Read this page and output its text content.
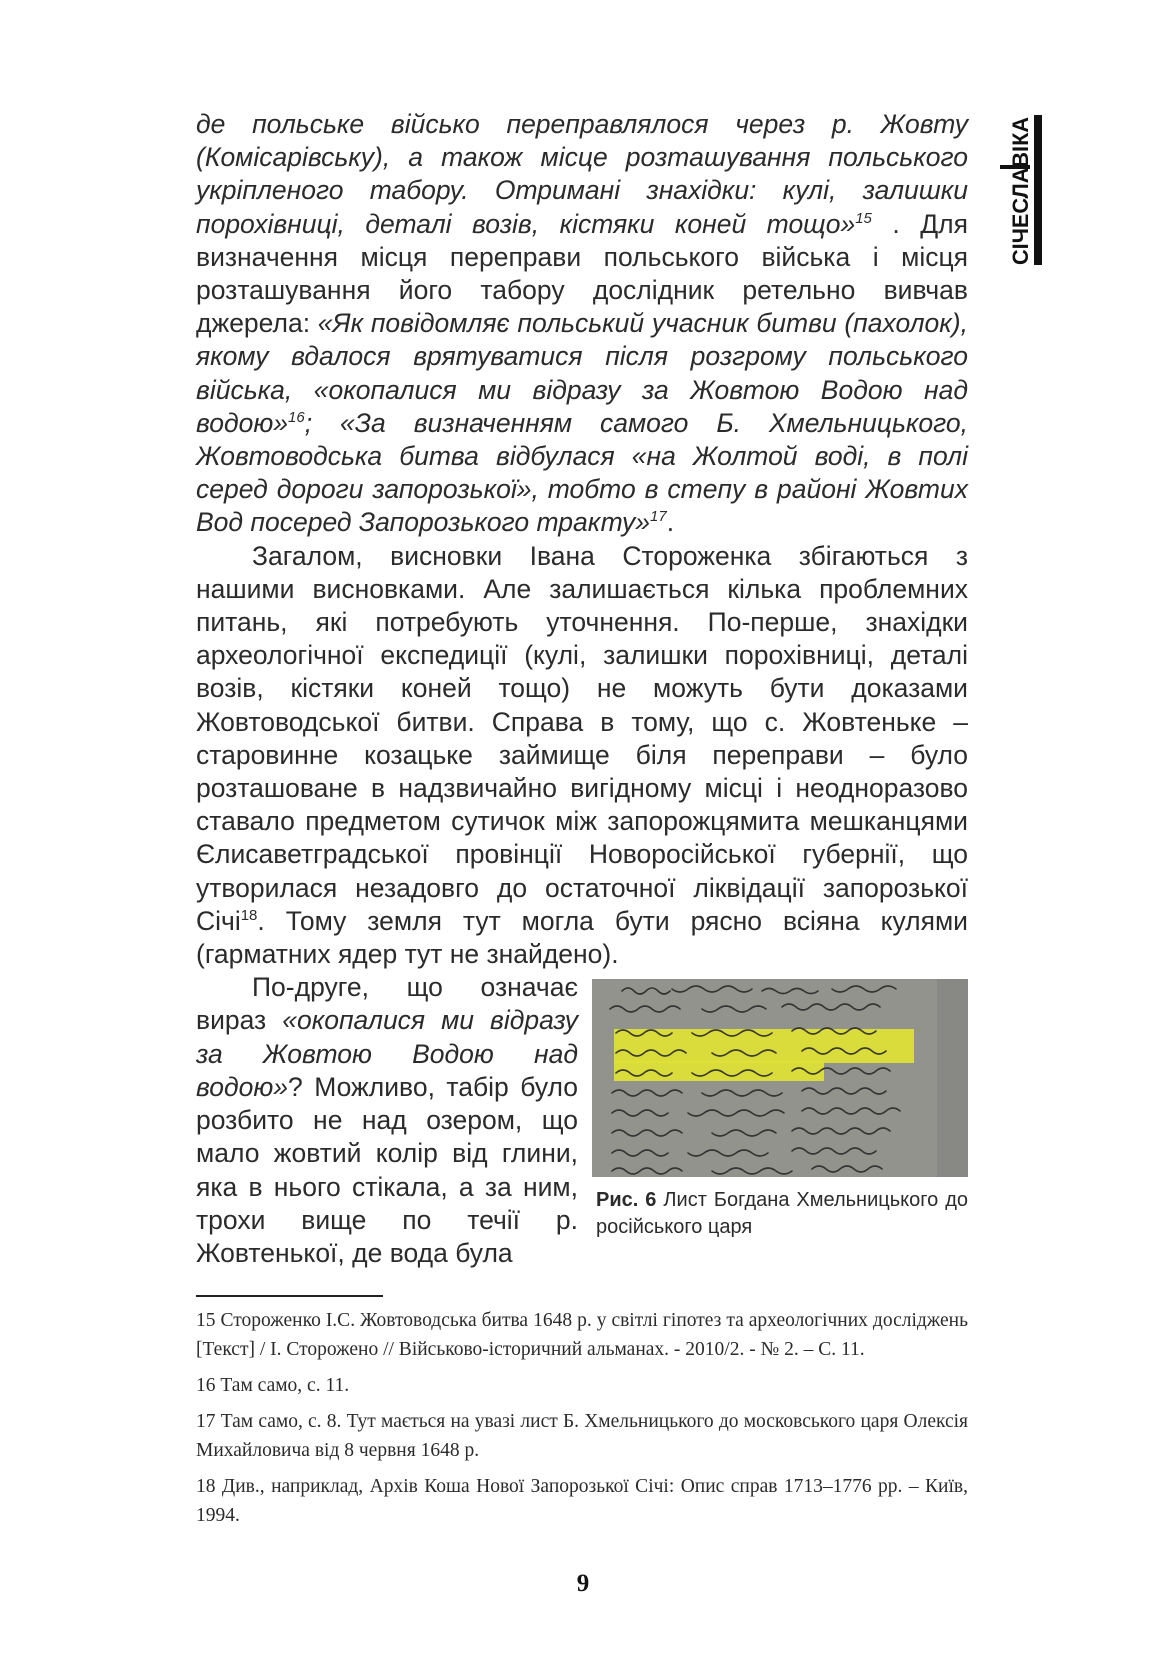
СІЧЕСЛАВІКА

де польське військо переправлялося через р. Жовту (Комісарівську), а також місце розташування польського укріпленого табору. Отримані знахідки: кулі, залишки порохівниці, деталі возів, кістяки коней тощо»$^{15}$ . Для визначення місця переправи польського війська і місця розташування його табору дослідник ретельно вивчав джерела: «Як повідомляє польський учасник битви (пахолок), якому вдалося врятуватися після розгрому польського війська, «окопалися ми відразу за Жовтою Водою над водою»$^{16}$; «За визначенням самого Б. Хмельницького, Жовтоводська битва відбулася «на Жолтой воді, в полі серед дороги запорозької», тобто в степу в районі Жовтих Вод посеред Запорозького тракту»$^{17}$.

Загалом, висновки Івана Стороженка збігаються з нашими висновками. Але залишається кілька проблемних питань, які потребують уточнення. По-перше, знахідки археологічної експедиції (кулі, залишки порохівниці, деталі возів, кістяки коней тощо) не можуть бути доказами Жовтоводської битви. Справа в тому, що с. Жовтеньке – старовинне козацьке займище біля переправи – було розташоване в надзвичайно вигідному місці і неодноразово ставало предметом сутичок між запорожцямита мешканцями Єлисаветградської провінції Новоросійської губернії, що утворилася незадовго до остаточної ліквідації запорозької Січі$^{18}$. Тому земля тут могла бути рясно всіяна кулями (гарматних ядер тут не знайдено).

По-друге, що означає вираз «окопалися ми відразу за Жовтою Водою над водою»? Можливо, табір було розбито не над озером, що мало жовтий колір від глини, яка в нього стікала, а за ним, трохи вище по течії р. Жовтенької, де вода була

Рис. 6 Лист Богдана Хмельницького до російського царя

15 Стороженко І.С. Жовтоводська битва 1648 р. у світлі гіпотез та археологічних досліджень [Текст] / І. Сторожено // Військово-історичний альманах. - 2010/2. - № 2. – С. 11.

16 Там само, с. 11.

17 Там само, с. 8. Тут мається на увазі лист Б. Хмельницького до московського царя Олексія Михайловича від 8 червня 1648 р.

18 Див., наприклад, Архів Коша Нової Запорозької Січі: Опис справ 1713–1776 рр. – Київ, 1994.

9
